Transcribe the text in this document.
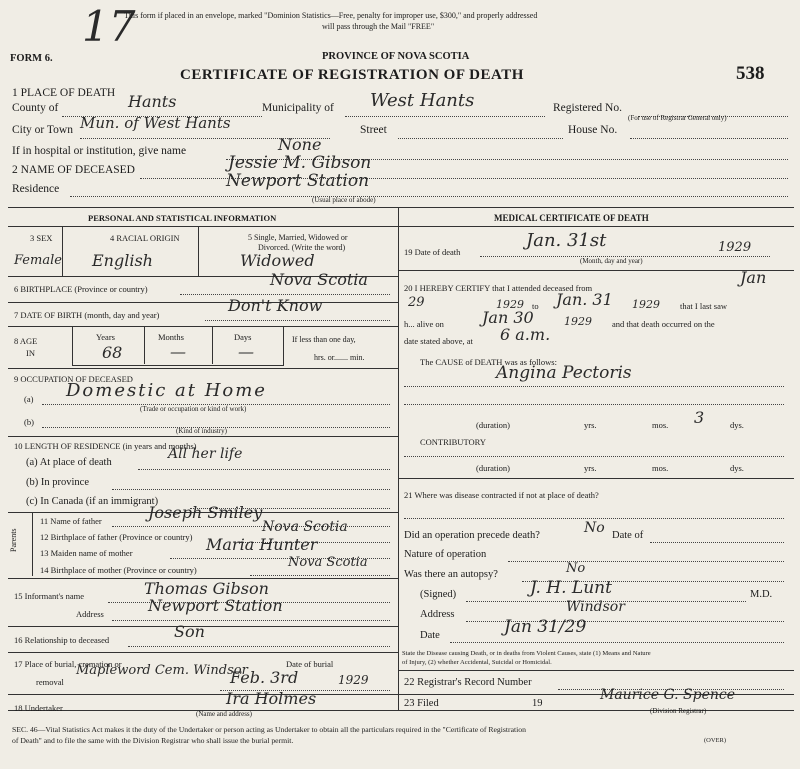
17
This form if placed in an envelope, marked "Dominion Statistics—Free, penalty for improper use, $300," and properly addressed
will pass through the Mail "FREE"
FORM 6.	PROVINCE OF NOVA SCOTIA
CERTIFICATE OF REGISTRATION OF DEATH	538
1 PLACE OF DEATH
County of	Hants	Municipality of West Hants	Registered No.
(For use of Registrar General only)
City or Town Mun. of West Hants	Street	House No.
If in hospital or institution, give name	None
2 NAME OF DECEASED	Jessie M. Gibson
Residence	Newport Station
(Usual place of abode)
PERSONAL AND STATISTICAL INFORMATION
3 SEX	4 RACIAL ORIGIN	5 Single, Married, Widowed or
Divorced. (Write the word)
Female English	Widowed
6 BIRTHPLACE (Province or country)	Nova Scotia
7 DATE OF BIRTH (month, day and year)	Don't Know
8 AGE
IN
Years	Months	Days
68	—	—
If less than one day,
hrs. or....... min.
9 OCCUPATION OF DECEASED
(a) Domestic at Home
(Trade or occupation or kind of work)
(b)
(Kind of industry)
10 LENGTH OF RESIDENCE (in years and months)
(a) At place of death
All her life
(b) In province
(c) In Canada (if an immigrant)
Parents
11 Name of father	Joseph Smiley
12 Birthplace of father (Province or country)
Nova Scotia
13 Maiden name of mother	Maria Hunter
14 Birthplace of mother (Province or country)	Nova Scotia
15 Informant's name	Thomas Gibson
Address	Newport Station
16 Relationship to deceased	Son
17 Place of burial, cremation or
removal
Mapleword Cem. Windsor	Date of burial
Feb. 3rd	1929
18 Undertaker	Ira Holmes
(Name and address)
MEDICAL CERTIFICATE OF DEATH
19 Date of death
Jan. 31st	1929
(Month, day and year)
20 I HEREBY CERTIFY that I attended deceased from
Jan
29	1929 to Jan. 31 1929 that I last saw
h... alive on Jan 30	1929 and that death occurred on the
date stated above, at 6 a.m.
The CAUSE of DEATH was as follows:
Angina Pectoris
(duration)	yrs.	mos. 3	dys.
CONTRIBUTORY
(duration)	yrs.	mos.	dys.
21 Where was disease contracted if not at place of death?
Did an operation precede death?	No Date of
Nature of operation
Was there an autopsy?	No
(Signed)	J. H. Lunt	M.D.
Address	Windsor
Date	Jan 31/29
State the Disease causing Death, or in deaths from Violent Causes, state (1) Means and Nature
of Injury, (2) whether Accidental, Suicidal or Homicidal.
22 Registrar's Record Number
23 Filed	19
Maurice G. Spence
(Division Registrar)
SEC. 46—Vital Statistics Act makes it the duty of the Undertaker or person acting as Undertaker to obtain all the particulars required in the "Certificate of Registration
of Death" and to file the same with the Division Registrar who shall issue the burial permit.	(OVER)
